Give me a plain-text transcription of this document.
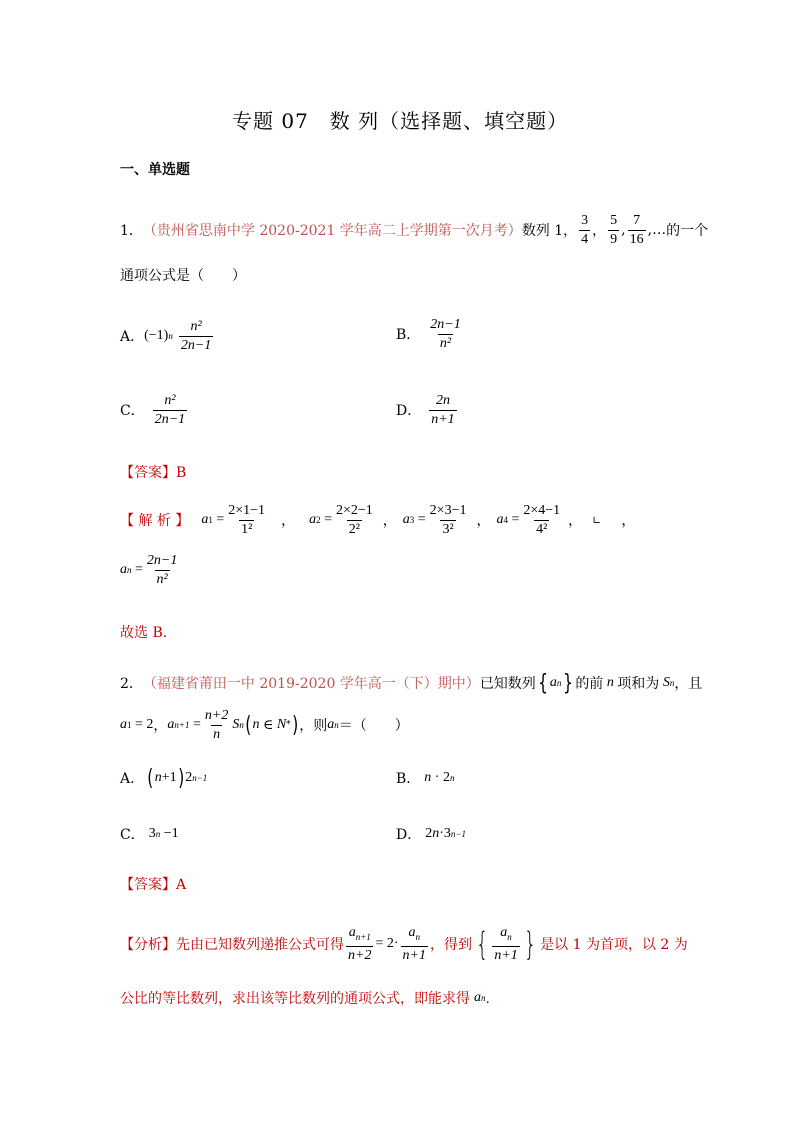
专题 07　数 列（选择题、填空题）
一、单选题
1． （贵州省思南中学 2020-2021 学年高二上学期第一次月考） 数列 1， $\frac{3}{4}$ ， $\frac{5}{9}$ , $\frac{7}{16}$ ,… 的一个
通项公式是（　　）
A． (−1) n $\frac{\text{n²}}{2n-1}$	B． $\frac{2n-1}{\text{n²}}$
C． $\frac{\text{n²}}{2n-1}$	D． $\frac{2n}{n+1}$
【答案】B
【 解 析 】 a $1 = \frac{2\times 1-1}{\text{1²}}$ ， a $2 = \frac{2\times 2-1}{\text{2²}}$ ， a $3 = \frac{2\times 3-1}{\text{3²}}$ ， a $4 = \frac{2\times 4-1}{\text{4²}}$ ， ∟ ，
a $n = \frac{2n-1}{\text{n²}}$
故选 B．
2． （福建省莆田一中 2019-2020 学年高一（下）期中） 已知数列 { a n } 的前 n 项和为 S n ，且
a 1 = 2 ， a $n+1 = \frac{n+2}{n}$ S n ( n ∈ N * ) ，则 a n ＝（　　）
A． ( n +1 ) 2 n−1	B． n · 2 n
C． 3 n −1	D． 2 n ·3 n−1
【答案】A
【分析】 先由已知数列递推公式可得 $\frac{a_{n+1}}{n+2} = 2\cdot \frac{a_n}{n+1}$ ，得到 { $\frac{a_n}{n+1}$ } 是以 1 为首项，以 2 为
公比的等比数列，求出该等比数列的通项公式，即能求得 a n ．
